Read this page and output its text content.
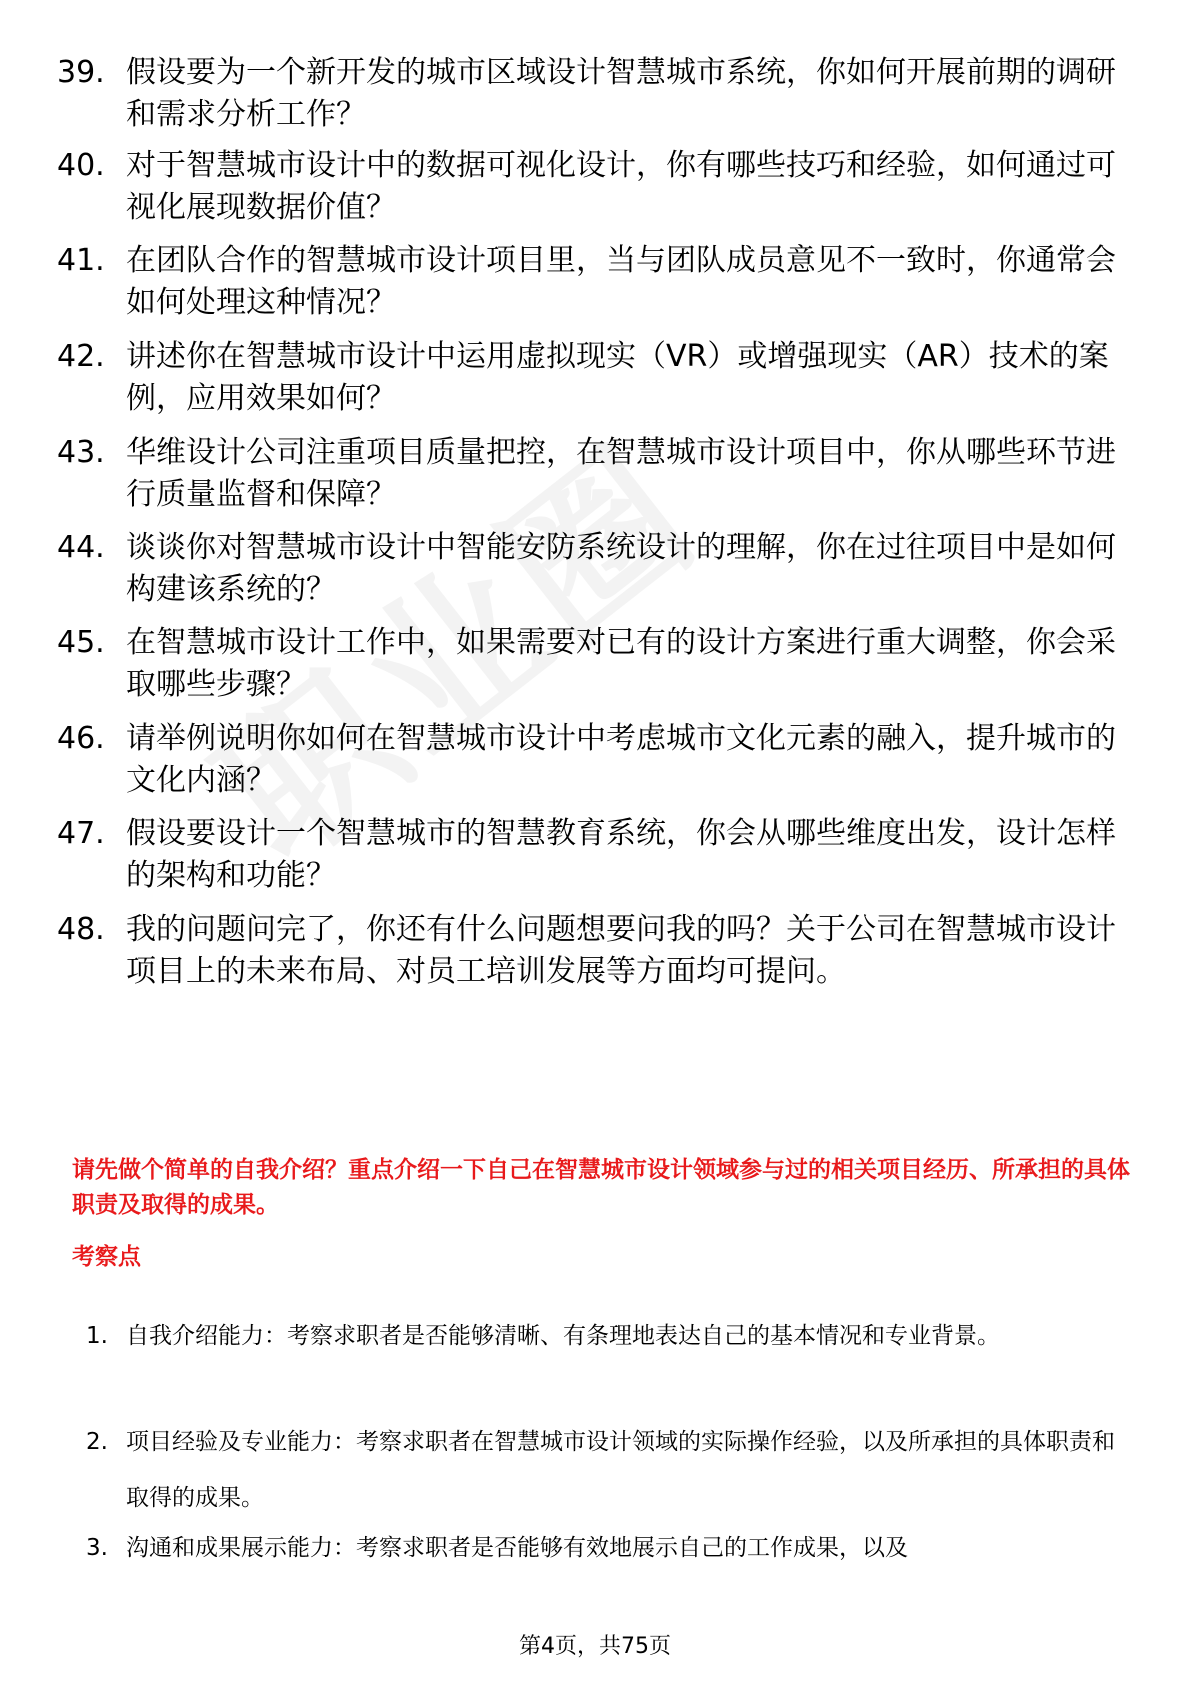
39. 假设要为一个新开发的城市区域设计智慧城市系统，你如何开展前期的调研和需求分析工作？
40. 对于智慧城市设计中的数据可视化设计，你有哪些技巧和经验，如何通过可视化展现数据价值？
41. 在团队合作的智慧城市设计项目里，当与团队成员意见不一致时，你通常会如何处理这种情况？
42. 讲述你在智慧城市设计中运用虚拟现实（VR）或增强现实（AR）技术的案例，应用效果如何？
43. 华维设计公司注重项目质量把控，在智慧城市设计项目中，你从哪些环节进行质量监督和保障？
44. 谈谈你对智慧城市设计中智能安防系统设计的理解，你在过往项目中是如何构建该系统的？
45. 在智慧城市设计工作中，如果需要对已有的设计方案进行重大调整，你会采取哪些步骤？
46. 请举例说明你如何在智慧城市设计中考虑城市文化元素的融入，提升城市的文化内涵？
47. 假设要设计一个智慧城市的智慧教育系统，你会从哪些维度出发，设计怎样的架构和功能？
48. 我的问题问完了，你还有什么问题想要问我的吗？关于公司在智慧城市设计项目上的未来布局、对员工培训发展等方面均可提问。
请先做个简单的自我介绍？重点介绍一下自己在智慧城市设计领域参与过的相关项目经历、所承担的具体职责及取得的成果。
考察点
1. 自我介绍能力：考察求职者是否能够清晰、有条理地表达自己的基本情况和专业背景。
2. 项目经验及专业能力：考察求职者在智慧城市设计领域的实际操作经验，以及所承担的具体职责和取得的成果。
3. 沟通和成果展示能力：考察求职者是否能够有效地展示自己的工作成果，以及
第4页，共75页
